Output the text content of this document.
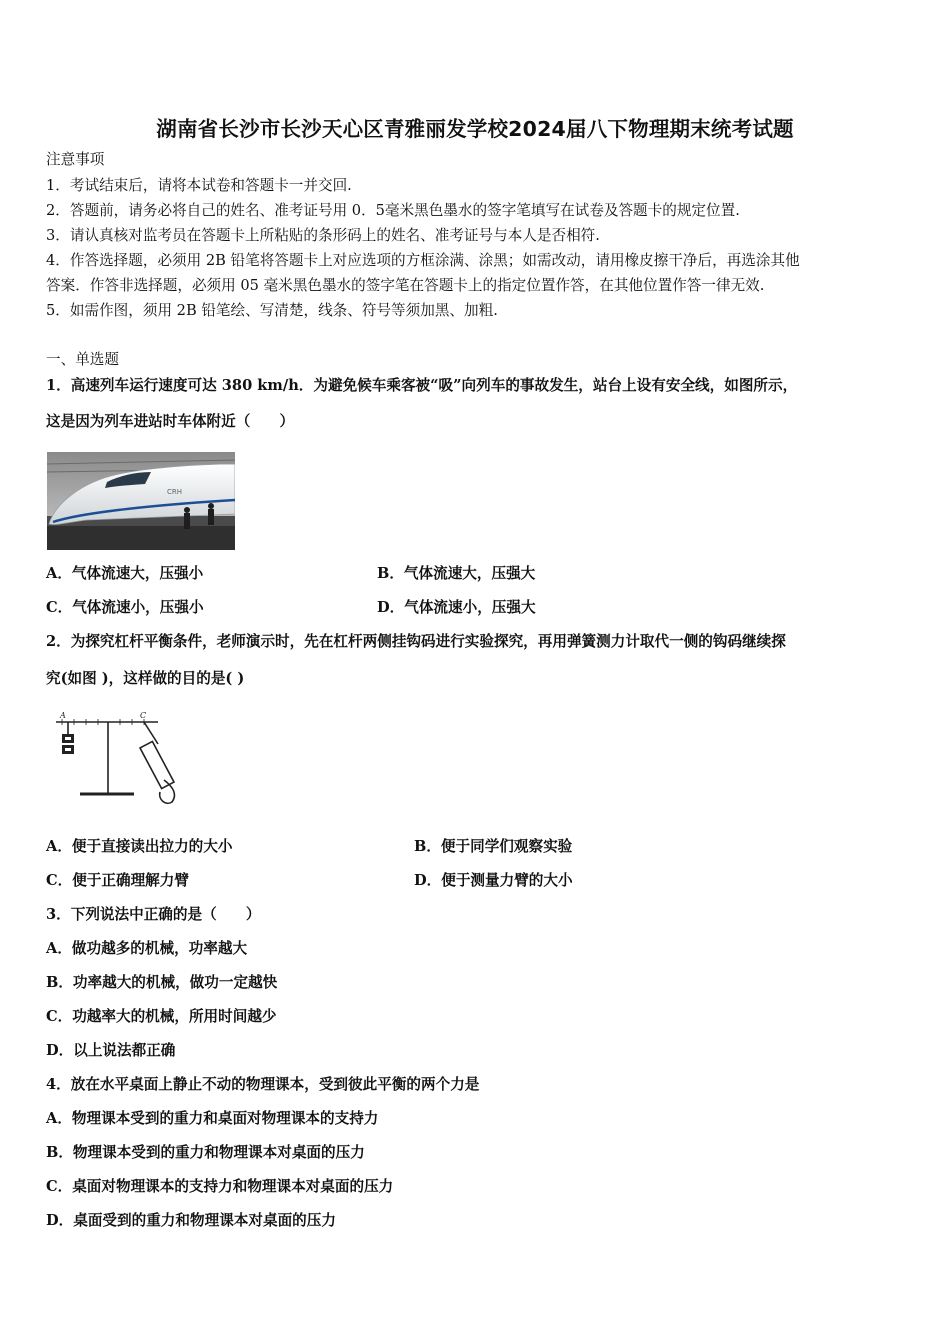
湖南省长沙市长沙天心区青雅丽发学校2024届八下物理期末统考试题
注意事项
1．考试结束后，请将本试卷和答题卡一并交回.
2．答题前，请务必将自己的姓名、准考证号用 0．5毫米黑色墨水的签字笔填写在试卷及答题卡的规定位置.
3．请认真核对监考员在答题卡上所粘贴的条形码上的姓名、准考证号与本人是否相符.
4．作答选择题，必须用 2B 铅笔将答题卡上对应选项的方框涂满、涂黑；如需改动，请用橡皮擦干净后，再选涂其他
答案．作答非选择题，必须用 05 毫米黑色墨水的签字笔在答题卡上的指定位置作答，在其他位置作答一律无效.
5．如需作图，须用 2B 铅笔绘、写清楚，线条、符号等须加黑、加粗.
一、单选题
1．高速列车运行速度可达 380 km/h．为避免候车乘客被“吸”向列车的事故发生，站台上设有安全线，如图所示，
这是因为列车进站时车体附近（　　）
CRH
A．气体流速大，压强小	B．气体流速大，压强大
C．气体流速小，压强小	D．气体流速小，压强大
2．为探究杠杆平衡条件，老师演示时，先在杠杆两侧挂钩码进行实验探究，再用弹簧测力计取代一侧的钩码继续探
究(如图 )，这样做的目的是( )
A	C
A．便于直接读出拉力的大小	B．便于同学们观察实验
C．便于正确理解力臂	D．便于测量力臂的大小
3．下列说法中正确的是（　　）
A．做功越多的机械，功率越大
B．功率越大的机械，做功一定越快
C．功越率大的机械，所用时间越少
D．以上说法都正确
4．放在水平桌面上静止不动的物理课本，受到彼此平衡的两个力是
A．物理课本受到的重力和桌面对物理课本的支持力
B．物理课本受到的重力和物理课本对桌面的压力
C．桌面对物理课本的支持力和物理课本对桌面的压力
D．桌面受到的重力和物理课本对桌面的压力
